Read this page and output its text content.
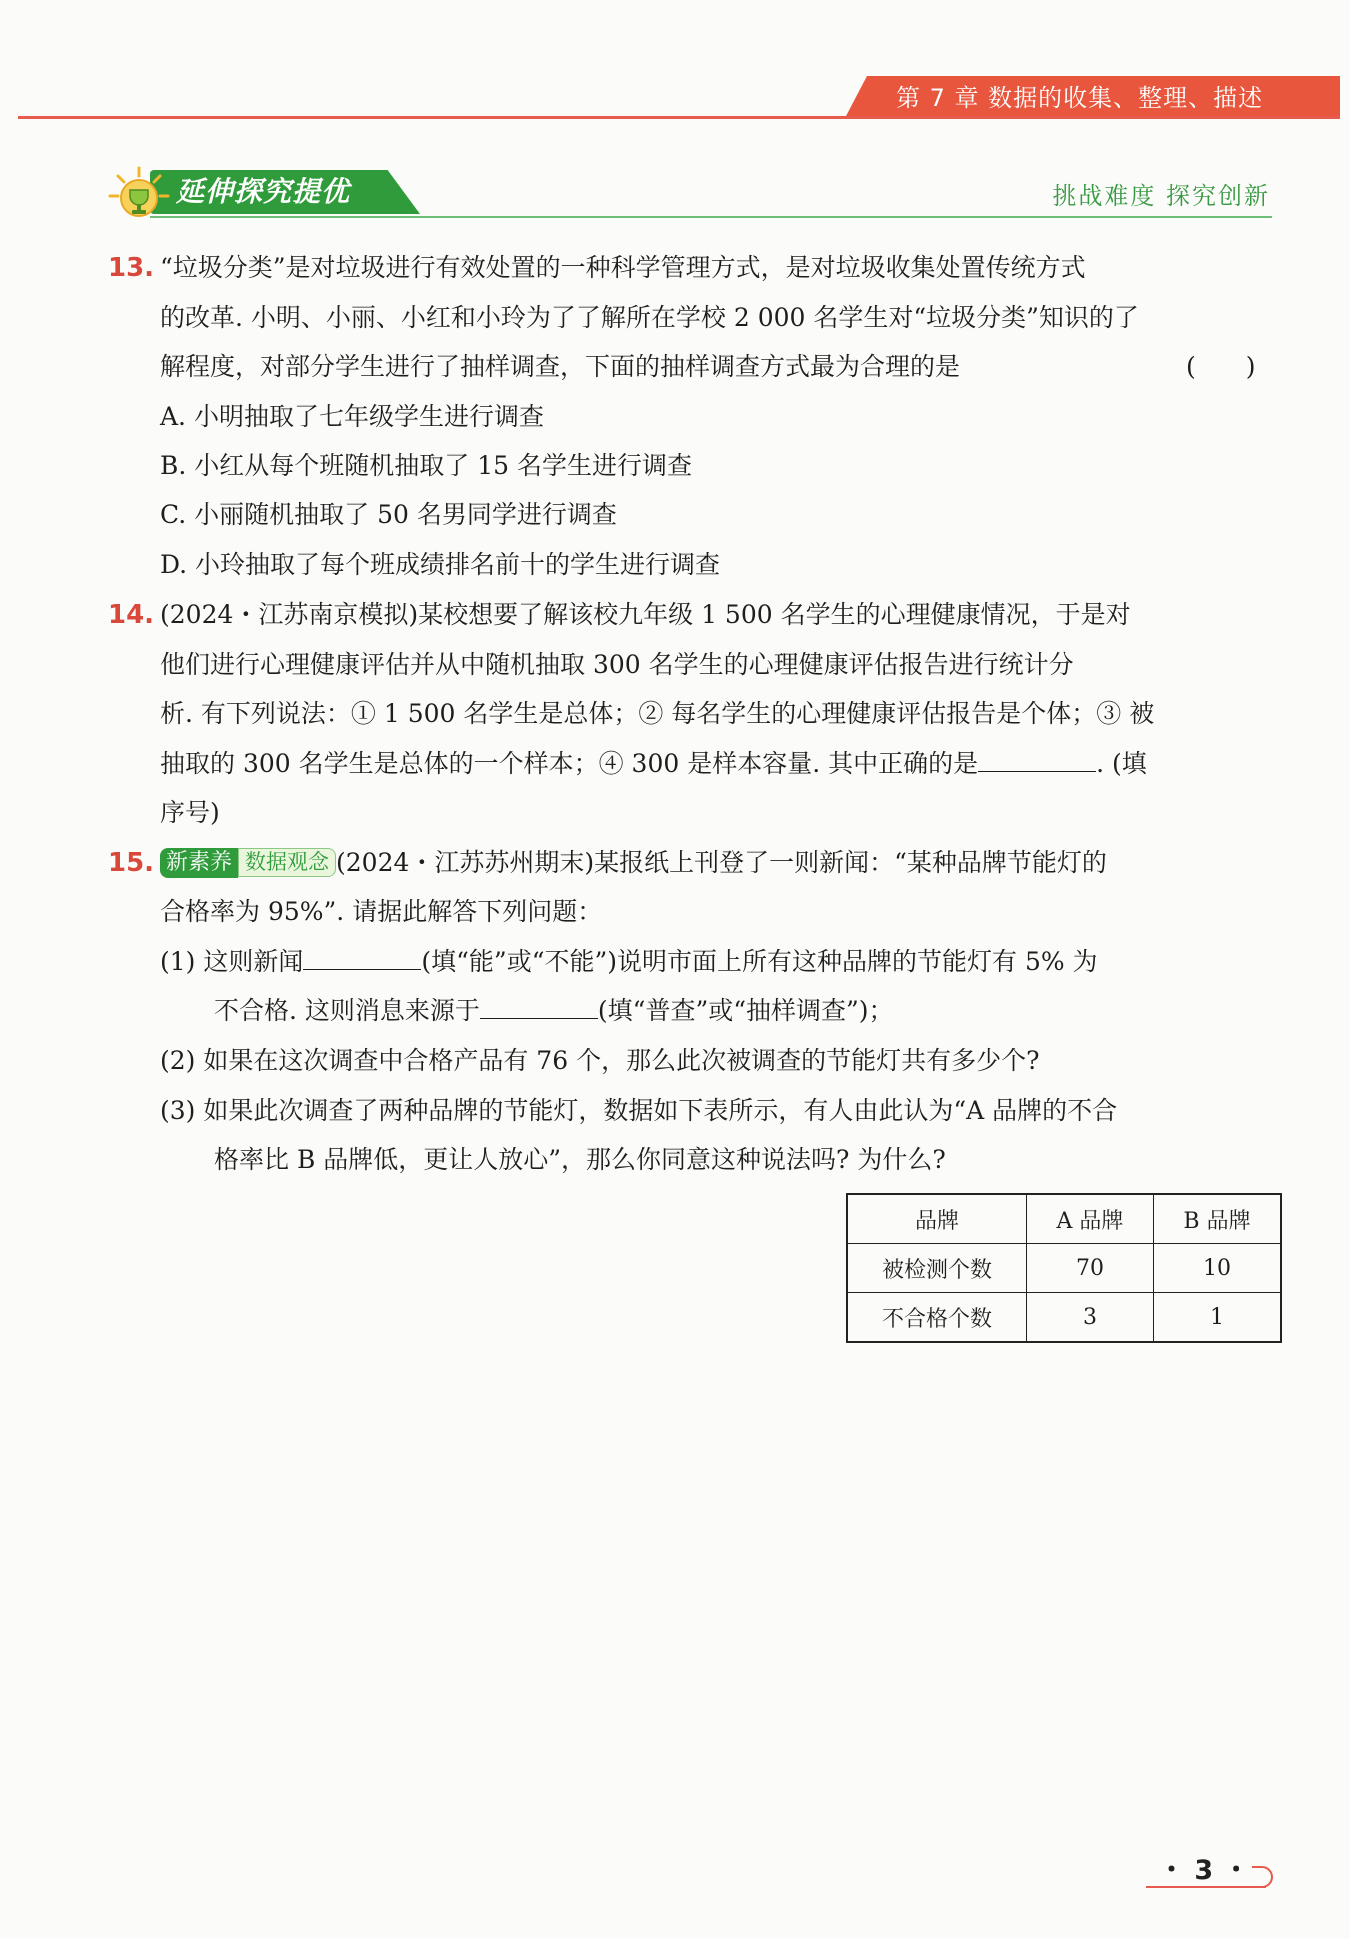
第 7 章 数据的收集、整理、描述
延伸探究提优	挑战难度 探究创新
13. “垃圾分类”是对垃圾进行有效处置的一种科学管理方式，是对垃圾收集处置传统方式
的改革. 小明、小丽、小红和小玲为了了解所在学校 2 000 名学生对“垃圾分类”知识的了
解程度，对部分学生进行了抽样调查，下面的抽样调查方式最为合理的是	(　　)
A. 小明抽取了七年级学生进行调查
B. 小红从每个班随机抽取了 15 名学生进行调查
C. 小丽随机抽取了 50 名男同学进行调查
D. 小玲抽取了每个班成绩排名前十的学生进行调查
14. (2024・江苏南京模拟)某校想要了解该校九年级 1 500 名学生的心理健康情况，于是对
他们进行心理健康评估并从中随机抽取 300 名学生的心理健康评估报告进行统计分
析. 有下列说法：① 1 500 名学生是总体；② 每名学生的心理健康评估报告是个体；③ 被
抽取的 300 名学生是总体的一个样本；④ 300 是样本容量. 其中正确的是	. (填
序号)
15. 新素养 数据观念 (2024・江苏苏州期末)某报纸上刊登了一则新闻：“某种品牌节能灯的
合格率为 95%”. 请据此解答下列问题：
(1) 这则新闻	(填“能”或“不能”)说明市面上所有这种品牌的节能灯有 5% 为
不合格. 这则消息来源于	(填“普查”或“抽样调查”)；
(2) 如果在这次调查中合格产品有 76 个，那么此次被调查的节能灯共有多少个?
(3) 如果此次调查了两种品牌的节能灯，数据如下表所示，有人由此认为“A 品牌的不合
格率比 B 品牌低，更让人放心”，那么你同意这种说法吗? 为什么?
品牌	A 品牌	B 品牌
被检测个数	70	10
不合格个数	3	1
・ 3 ・
